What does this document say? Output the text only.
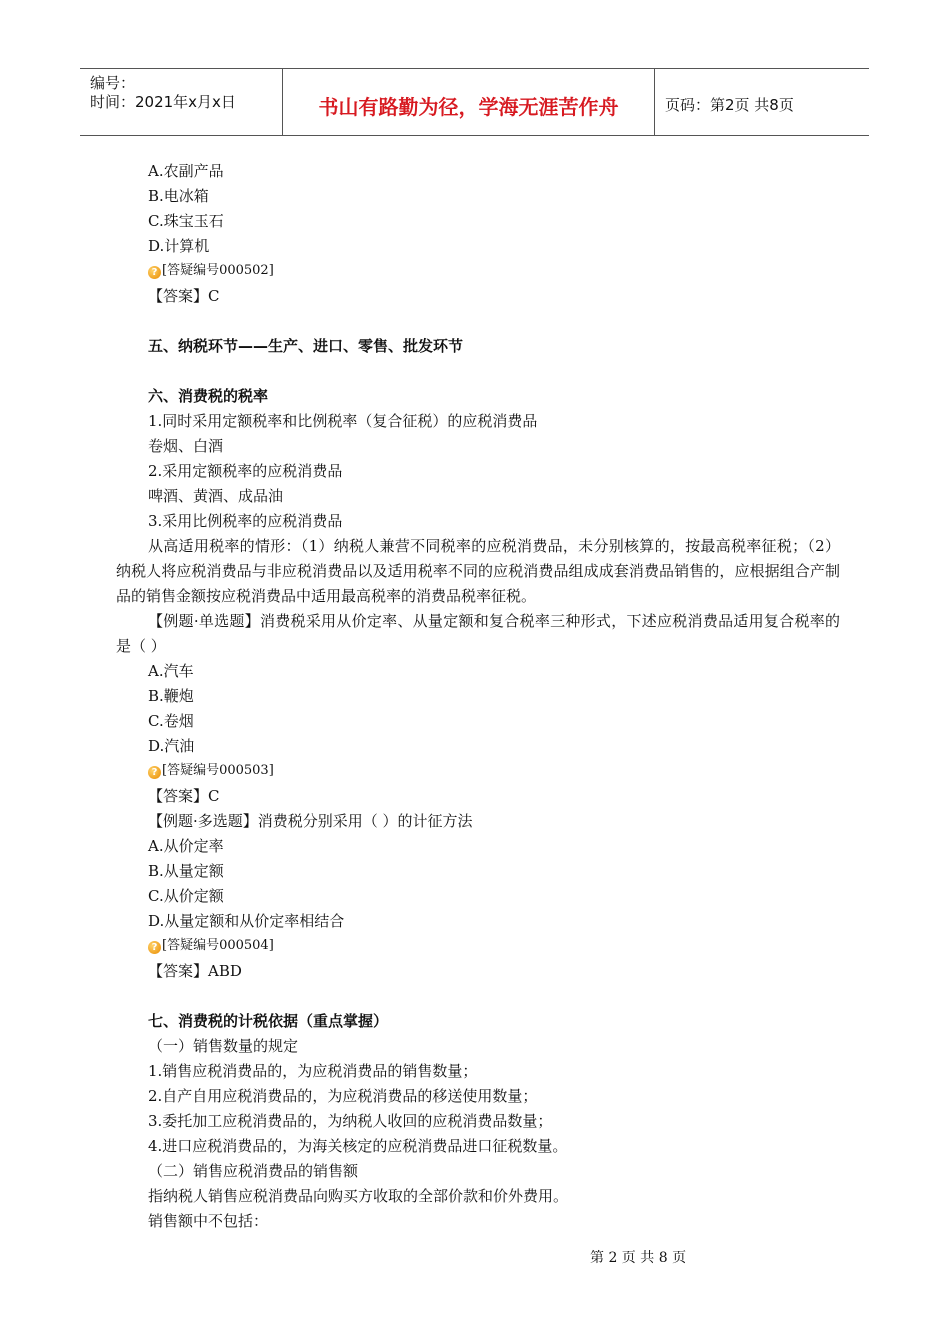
编号：
时间：2021年x月x日	书山有路勤为径，学海无涯苦作舟	页码：第2页 共8页
A.农副产品
B.电冰箱
C.珠宝玉石
D.计算机
? [答疑编号000502]
【答案】C
五、纳税环节——生产、进口、零售、批发环节
六、消费税的税率
1.同时采用定额税率和比例税率（复合征税）的应税消费品
卷烟、白酒
2.采用定额税率的应税消费品
啤酒、黄酒、成品油
3.采用比例税率的应税消费品
从高适用税率的情形：（1）纳税人兼营不同税率的应税消费品，未分别核算的，按最高税率征税；（2）纳税人将应税消费品与非应税消费品以及适用税率不同的应税消费品组成成套消费品销售的，应根据组合产制品的销售金额按应税消费品中适用最高税率的消费品税率征税。
【例题·单选题】消费税采用从价定率、从量定额和复合税率三种形式，下述应税消费品适用复合税率的是（ ）
A.汽车
B.鞭炮
C.卷烟
D.汽油
? [答疑编号000503]
【答案】C
【例题·多选题】消费税分别采用（ ）的计征方法
A.从价定率
B.从量定额
C.从价定额
D.从量定额和从价定率相结合
? [答疑编号000504]
【答案】ABD
七、消费税的计税依据（重点掌握）
（一）销售数量的规定
1.销售应税消费品的，为应税消费品的销售数量；
2.自产自用应税消费品的，为应税消费品的移送使用数量；
3.委托加工应税消费品的，为纳税人收回的应税消费品数量；
4.进口应税消费品的，为海关核定的应税消费品进口征税数量。
（二）销售应税消费品的销售额
指纳税人销售应税消费品向购买方收取的全部价款和价外费用。
销售额中不包括：
第 2 页 共 8 页
